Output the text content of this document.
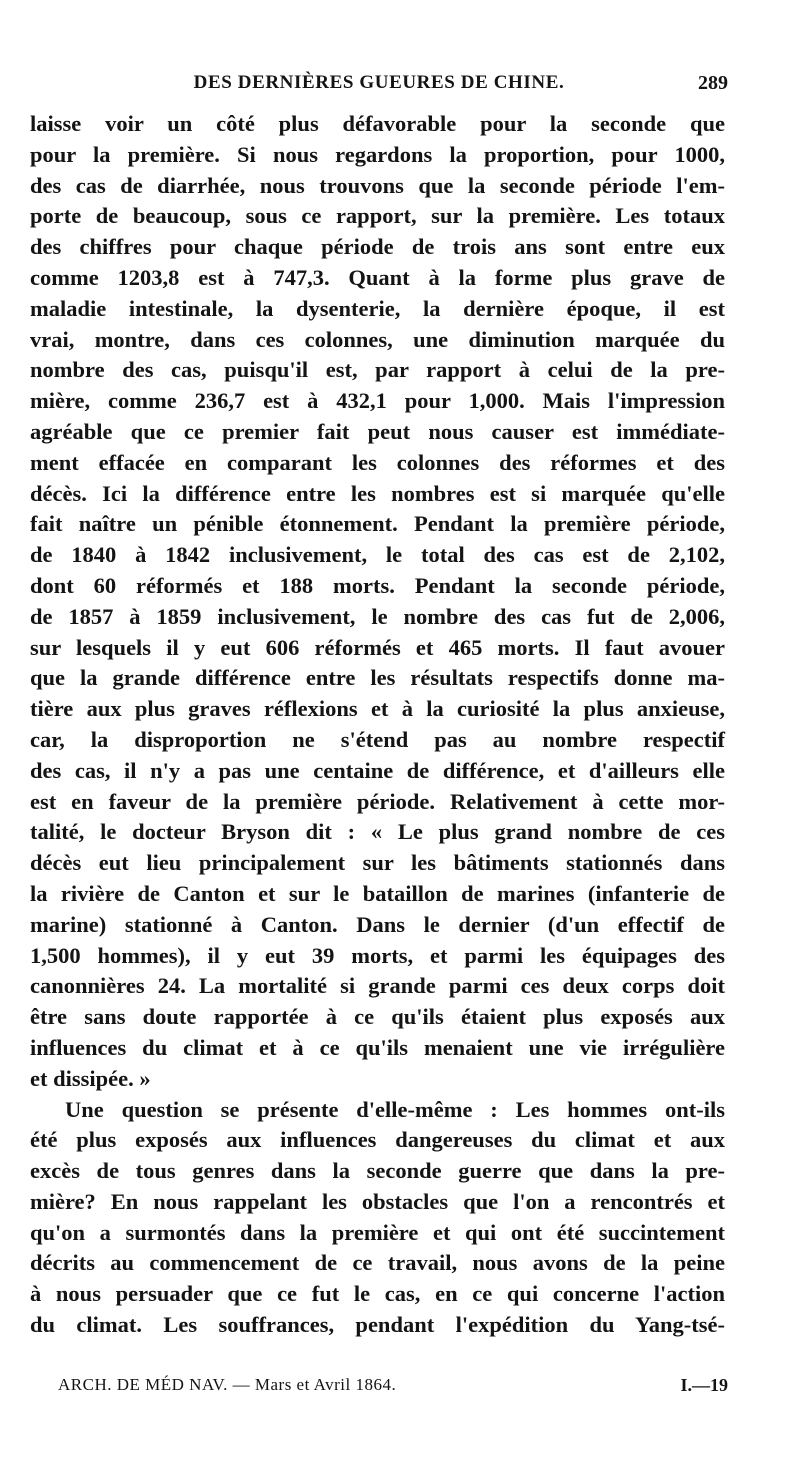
DES DERNIÈRES GUEURES DE CHINE.	289
laisse voir un côté plus défavorable pour la seconde que
pour la première. Si nous regardons la proportion, pour 1000,
des cas de diarrhée, nous trouvons que la seconde période l'em-
porte de beaucoup, sous ce rapport, sur la première. Les totaux
des chiffres pour chaque période de trois ans sont entre eux
comme 1203,8 est à 747,3. Quant à la forme plus grave de
maladie intestinale, la dysenterie, la dernière époque, il est
vrai, montre, dans ces colonnes, une diminution marquée du
nombre des cas, puisqu'il est, par rapport à celui de la pre-
mière, comme 236,7 est à 432,1 pour 1,000. Mais l'impression
agréable que ce premier fait peut nous causer est immédiate-
ment effacée en comparant les colonnes des réformes et des
décès. Ici la différence entre les nombres est si marquée qu'elle
fait naître un pénible étonnement. Pendant la première période,
de 1840 à 1842 inclusivement, le total des cas est de 2,102,
dont 60 réformés et 188 morts. Pendant la seconde période,
de 1857 à 1859 inclusivement, le nombre des cas fut de 2,006,
sur lesquels il y eut 606 réformés et 465 morts. Il faut avouer
que la grande différence entre les résultats respectifs donne ma-
tière aux plus graves réflexions et à la curiosité la plus anxieuse,
car, la disproportion ne s'étend pas au nombre respectif
des cas, il n'y a pas une centaine de différence, et d'ailleurs elle
est en faveur de la première période. Relativement à cette mor-
talité, le docteur Bryson dit : « Le plus grand nombre de ces
décès eut lieu principalement sur les bâtiments stationnés dans
la rivière de Canton et sur le bataillon de marines (infanterie de
marine) stationné à Canton. Dans le dernier (d'un effectif de
1,500 hommes), il y eut 39 morts, et parmi les équipages des
canonnières 24. La mortalité si grande parmi ces deux corps doit
être sans doute rapportée à ce qu'ils étaient plus exposés aux
influences du climat et à ce qu'ils menaient une vie irrégulière
et dissipée. »
Une question se présente d'elle-même : Les hommes ont-ils
été plus exposés aux influences dangereuses du climat et aux
excès de tous genres dans la seconde guerre que dans la pre-
mière? En nous rappelant les obstacles que l'on a rencontrés et
qu'on a surmontés dans la première et qui ont été succintement
décrits au commencement de ce travail, nous avons de la peine
à nous persuader que ce fut le cas, en ce qui concerne l'action
du climat. Les souffrances, pendant l'expédition du Yang-tsé-
ARCH. DE MÉD NAV. — Mars et Avril 1864.	I.—19
